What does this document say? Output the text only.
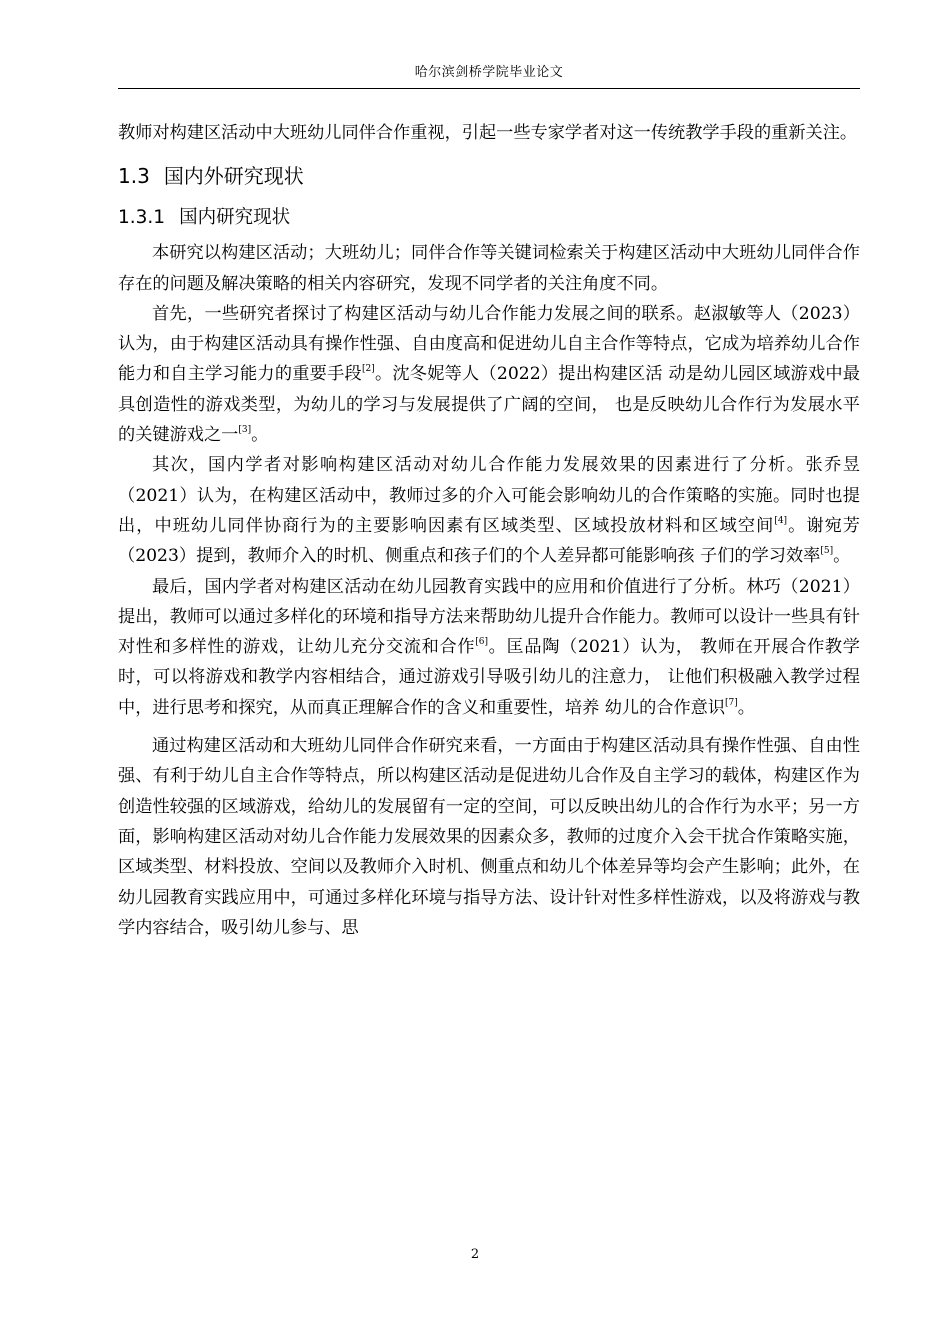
哈尔滨剑桥学院毕业论文

教师对构建区活动中大班幼儿同伴合作重视，引起一些专家学者对这一传统教学手段的重新关注。

1.3 国内外研究现状
1.3.1 国内研究现状

本研究以构建区活动；大班幼儿；同伴合作等关键词检索关于构建区活动中大班幼儿同伴合作存在的问题及解决策略的相关内容研究，发现不同学者的关注角度不同。

首先，一些研究者探讨了构建区活动与幼儿合作能力发展之间的联系。赵淑敏等人（2023）认为，由于构建区活动具有操作性强、自由度高和促进幼儿自主合作等特点，它成为培养幼儿合作能力和自主学习能力的重要手段[2]。沈冬妮等人（2022）提出构建区活 动是幼儿园区域游戏中最具创造性的游戏类型，为幼儿的学习与发展提供了广阔的空间， 也是反映幼儿合作行为发展水平的关键游戏之一[3]。

其次，国内学者对影响构建区活动对幼儿合作能力发展效果的因素进行了分析。张乔昱（2021）认为，在构建区活动中，教师过多的介入可能会影响幼儿的合作策略的实施。同时也提出，中班幼儿同伴协商行为的主要影响因素有区域类型、区域投放材料和区域空间[4]。谢宛芳（2023）提到，教师介入的时机、侧重点和孩子们的个人差异都可能影响孩 子们的学习效率[5]。

最后，国内学者对构建区活动在幼儿园教育实践中的应用和价值进行了分析。林巧（2021）提出，教师可以通过多样化的环境和指导方法来帮助幼儿提升合作能力。教师可以设计一些具有针对性和多样性的游戏，让幼儿充分交流和合作[6]。匡品陶（2021）认为， 教师在开展合作教学时，可以将游戏和教学内容相结合，通过游戏引导吸引幼儿的注意力， 让他们积极融入教学过程中，进行思考和探究，从而真正理解合作的含义和重要性，培养 幼儿的合作意识[7]。

通过构建区活动和大班幼儿同伴合作研究来看，一方面由于构建区活动具有操作性强、自由性强、有利于幼儿自主合作等特点，所以构建区活动是促进幼儿合作及自主学习的载体，构建区作为创造性较强的区域游戏，给幼儿的发展留有一定的空间，可以反映出幼儿的合作行为水平；另一方面，影响构建区活动对幼儿合作能力发展效果的因素众多，教师的过度介入会干扰合作策略实施，区域类型、材料投放、空间以及教师介入时机、侧重点和幼儿个体差异等均会产生影响；此外，在幼儿园教育实践应用中，可通过多样化环境与指导方法、设计针对性多样性游戏，以及将游戏与教学内容结合，吸引幼儿参与、思

2
